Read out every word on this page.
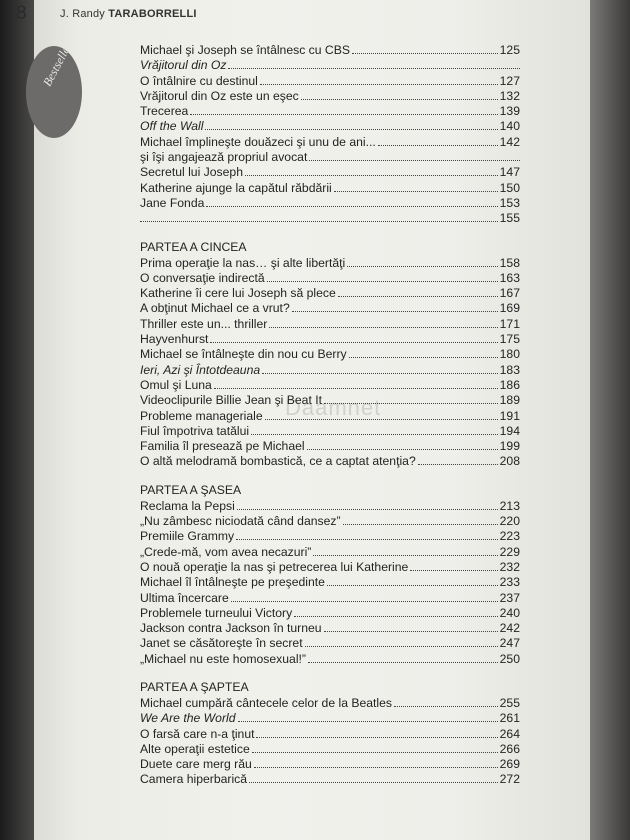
8	J. Randy TARABORRELLI
Bestseller
Daamnet
Michael şi Joseph se întâlnesc cu CBS	125
Vrăjitorul din Oz
O întâlnire cu destinul	127
Vrăjitorul din Oz este un eşec	132
Trecerea	139
Off the Wall	140
Michael împlineşte douăzeci şi unu de ani...	142
şi îşi angajează propriul avocat
Secretul lui Joseph	147
Katherine ajunge la capătul răbdării	150
Jane Fonda	153
155
PARTEA A CINCEA
Prima operaţie la nas… şi alte libertăţi	158
O conversaţie indirectă	163
Katherine îi cere lui Joseph să plece	167
A obţinut Michael ce a vrut?	169
Thriller este un... thriller	171
Hayvenhurst	175
Michael se întâlneşte din nou cu Berry	180
Ieri, Azi şi Întotdeauna	183
Omul şi Luna	186
Videoclipurile Billie Jean şi Beat It	189
Probleme manageriale	191
Fiul împotriva tatălui	194
Familia îl presează pe Michael	199
O altă melodramă bombastică, ce a captat atenţia?	208
PARTEA A ŞASEA
Reclama la Pepsi	213
„Nu zâmbesc niciodată când dansez”	220
Premiile Grammy	223
„Crede-mă, vom avea necazuri”	229
O nouă operaţie la nas şi petrecerea lui Katherine	232
Michael îl întâlneşte pe preşedinte	233
Ultima încercare	237
Problemele turneului Victory	240
Jackson contra Jackson în turneu	242
Janet se căsătoreşte în secret	247
„Michael nu este homosexual!”	250
PARTEA A ŞAPTEA
Michael cumpără cântecele celor de la Beatles	255
We Are the World	261
O farsă care n-a ţinut	264
Alte operaţii estetice	266
Duete care merg rău	269
Camera hiperbarică	272
